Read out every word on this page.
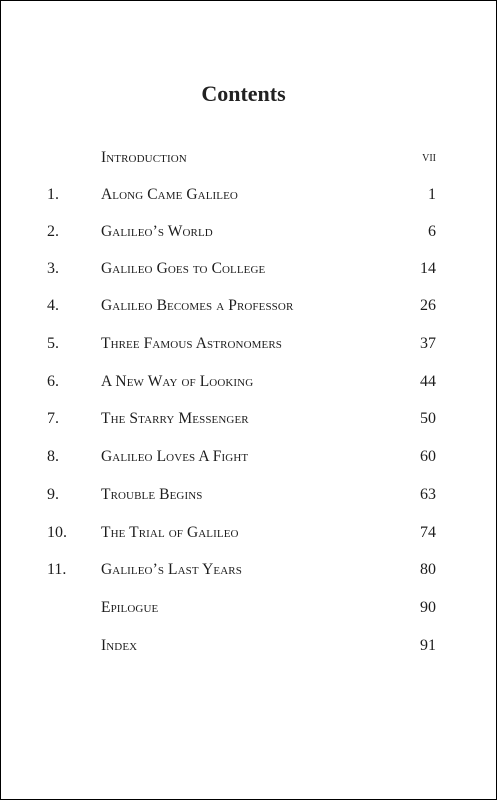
Contents
Introduction	vii
1.	Along Came Galileo	1
2.	Galileo’s World	6
3.	Galileo Goes to College	14
4.	Galileo Becomes a Professor	26
5.	Three Famous Astronomers	37
6.	A New Way of Looking	44
7.	The Starry Messenger	50
8.	Galileo Loves A Fight	60
9.	Trouble Begins	63
10. The Trial of Galileo	74
11. Galileo’s Last Years	80
Epilogue	90
Index	91
